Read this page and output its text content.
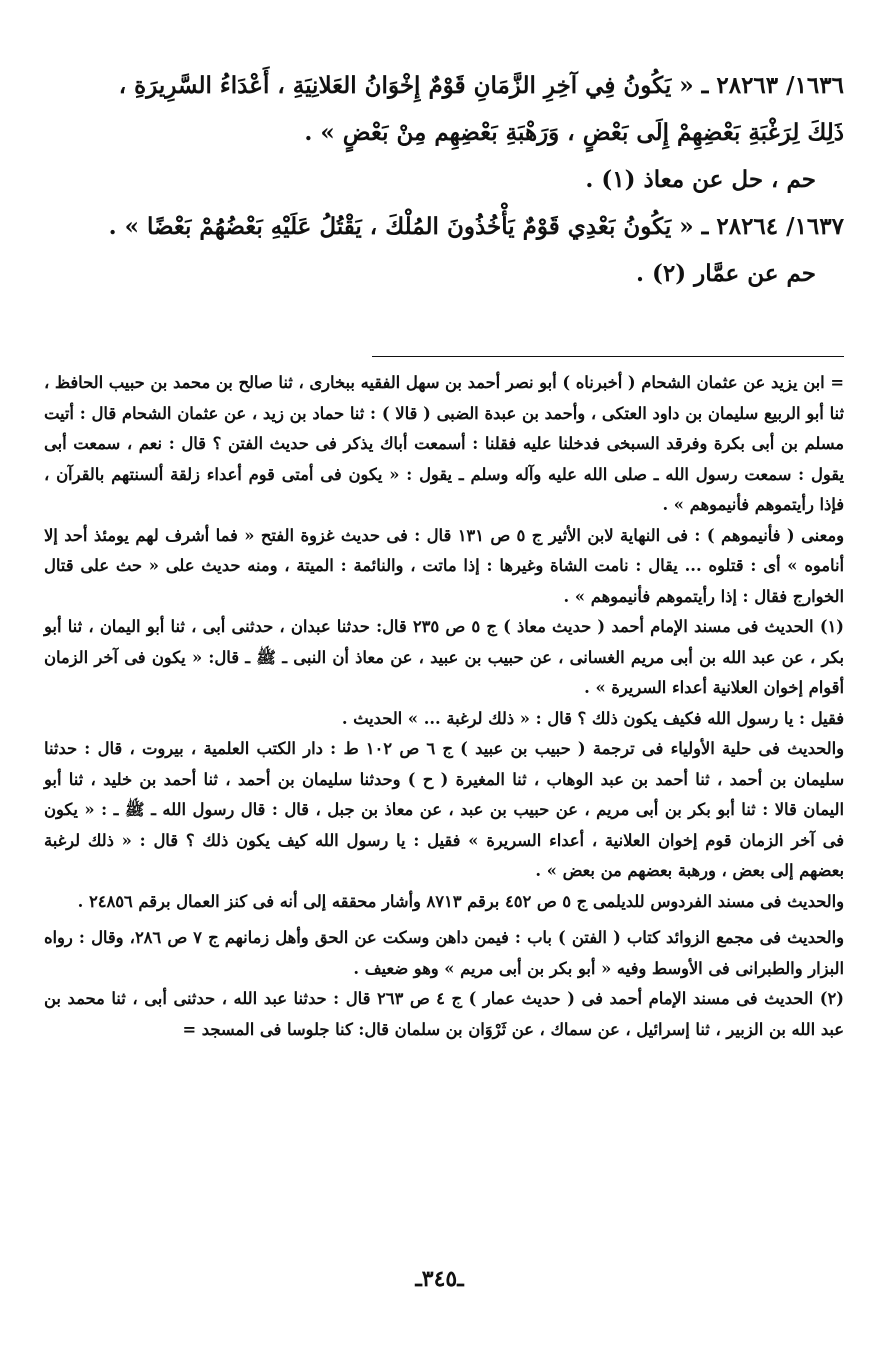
١٦٣٦/ ٢٨٢٦٣ ـ « يَكُونُ فِي آخِرِ الزَّمَانِ قَوْمٌ إِخْوَانُ العَلانِيَةِ ، أَعْدَاءُ السَّرِيرَةِ ،

ذَلِكَ لِرَغْبَةِ بَعْضِهِمْ إِلَى بَعْضٍ ، وَرَهْبَةِ بَعْضِهِم مِنْ بَعْضٍ » .

حم ، حل عن معاذ (١) .

١٦٣٧/ ٢٨٢٦٤ ـ « يَكُونُ بَعْدِي قَوْمٌ يَأْخُذُونَ المُلْكَ ، يَقْتُلُ عَلَيْهِ بَعْضُهُمْ بَعْضًا » .

حم عن عمَّار (٢) .

= ابن يزيد عن عثمان الشحام ( أخبرناه ) أبو نصر أحمد بن سهل الفقيه ببخارى ، ثنا صالح بن محمد بن حبيب الحافظ ، ثنا أبو الربيع سليمان بن داود العتكى ، وأحمد بن عبدة الضبى ( قالا ) : ثنا حماد بن زيد ، عن عثمان الشحام قال : أتيت مسلم بن أبى بكرة وفرقد السبخى فدخلنا عليه فقلنا : أسمعت أباك يذكر فى حديث الفتن ؟ قال : نعم ، سمعت أبى يقول : سمعت رسول الله ـ صلى الله عليه وآله وسلم ـ يقول : « يكون فى أمتى قوم أعداء زلقة ألسنتهم بالقرآن ، فإذا رأيتموهم فأنيموهم » .

ومعنى ( فأنيموهم ) : فى النهاية لابن الأثير ج ٥ ص ١٣١ قال : فى حديث غزوة الفتح « فما أشرف لهم يومئذ أحد إلا أناموه » أى : قتلوه ... يقال : نامت الشاة وغيرها : إذا ماتت ، والنائمة : الميتة ، ومنه حديث على « حث على قتال الخوارج فقال : إذا رأيتموهم فأنيموهم » .

(١) الحديث فى مسند الإمام أحمد ( حديث معاذ ) ج ٥ ص ٢٣٥ قال: حدثنا عبدان ، حدثنى أبى ، ثنا أبو اليمان ، ثنا أبو بكر ، عن عبد الله بن أبى مريم الغسانى ، عن حبيب بن عبيد ، عن معاذ أن النبى ـ ﷺ ـ قال: « يكون فى آخر الزمان أقوام إخوان العلانية أعداء السريرة » .

فقيل : يا رسول الله فكيف يكون ذلك ؟ قال : « ذلك لرغبة ... » الحديث .

والحديث فى حلية الأولياء فى ترجمة ( حبيب بن عبيد ) ج ٦ ص ١٠٢ ط : دار الكتب العلمية ، بيروت ، قال : حدثنا سليمان بن أحمد ، ثنا أحمد بن عبد الوهاب ، ثنا المغيرة ( ح ) وحدثنا سليمان بن أحمد ، ثنا أحمد بن خليد ، ثنا أبو اليمان قالا : ثنا أبو بكر بن أبى مريم ، عن حبيب بن عبد ، عن معاذ بن جبل ، قال : قال رسول الله ـ ﷺ ـ : « يكون فى آخر الزمان قوم إخوان العلانية ، أعداء السريرة » فقيل : يا رسول الله كيف يكون ذلك ؟ قال : « ذلك لرغبة بعضهم إلى بعض ، ورهبة بعضهم من بعض » .

والحديث فى مسند الفردوس للديلمى ج ٥ ص ٤٥٢ برقم ٨٧١٣ وأشار محققه إلى أنه فى كنز العمال برقم ٢٤٨٥٦ .

والحديث فى مجمع الزوائد كتاب ( الفتن ) باب : فيمن داهن وسكت عن الحق وأهل زمانهم ج ٧ ص ٢٨٦، وقال : رواه البزار والطبرانى فى الأوسط وفيه « أبو بكر بن أبى مريم » وهو ضعيف .

(٢) الحديث فى مسند الإمام أحمد فى ( حديث عمار ) ج ٤ ص ٢٦٣ قال : حدثنا عبد الله ، حدثنى أبى ، ثنا محمد بن عبد الله بن الزبير ، ثنا إسرائيل ، عن سماك ، عن ثَرْوَان بن سلمان قال: كنا جلوسا فى المسجد =

ـ٣٤٥ـ
